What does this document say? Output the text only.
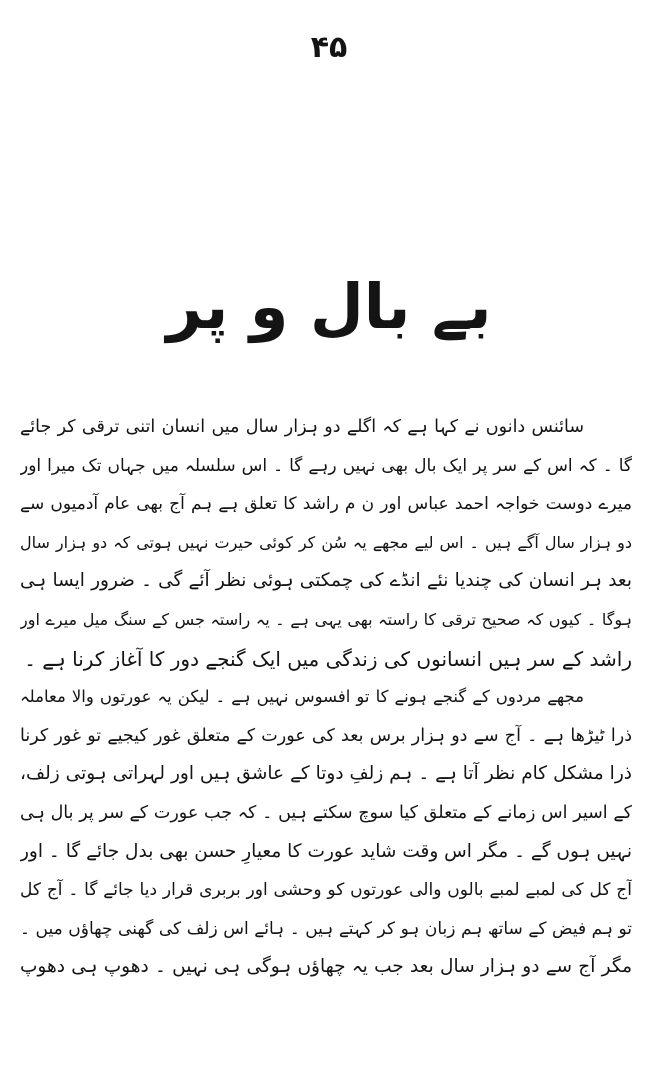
۴۵
بے بال و پر
سائنس دانوں نے کہا ہے کہ اگلے دو ہزار سال میں انسان اتنی ترقی کر جائے
گا ۔ کہ اس کے سر پر ایک بال بھی نہیں رہے گا ۔ اس سلسلہ میں جہاں تک میرا اور
میرے دوست خواجہ احمد عباس اور ن م راشد کا تعلق ہے ہم آج بھی عام آدمیوں سے
دو ہزار سال آگے ہیں ۔ اس لیے مجھے یہ سُن کر کوئی حیرت نہیں ہوتی کہ دو ہزار سال
بعد ہر انسان کی چندیا نئے انڈے کی چمکتی ہوئی نظر آئے گی ۔ ضرور ایسا ہی
ہوگا ۔ کیوں کہ صحیح ترقی کا راستہ بھی یہی ہے ۔ یہ راستہ جس کے سنگ میل میرے اور
راشد کے سر ہیں انسانوں کی زندگی میں ایک گنجے دور کا آغاز کرنا ہے ۔
مجھے مردوں کے گنجے ہونے کا تو افسوس نہیں ہے ۔ لیکن یہ عورتوں والا معاملہ
ذرا ٹیڑھا ہے ۔ آج سے دو ہزار برس بعد کی عورت کے متعلق غور کیجیے تو غور کرنا
ذرا مشکل کام نظر آتا ہے ۔ ہم زلفِ دوتا کے عاشق ہیں اور لہراتی ہوتی زلف،
کے اسیر اس زمانے کے متعلق کیا سوچ سکتے ہیں ۔ کہ جب عورت کے سر پر بال ہی
نہیں ہوں گے ۔ مگر اس وقت شاید عورت کا معیارِ حسن بھی بدل جائے گا ۔ اور
آج کل کی لمبے لمبے بالوں والی عورتوں کو وحشی اور بربری قرار دیا جائے گا ۔ آج کل
تو ہم فیض کے ساتھ ہم زبان ہو کر کہتے ہیں ۔ ہائے اس زلف کی گھنی چھاؤں میں ۔
مگر آج سے دو ہزار سال بعد جب یہ چھاؤں ہوگی ہی نہیں ۔ دھوپ ہی دھوپ
